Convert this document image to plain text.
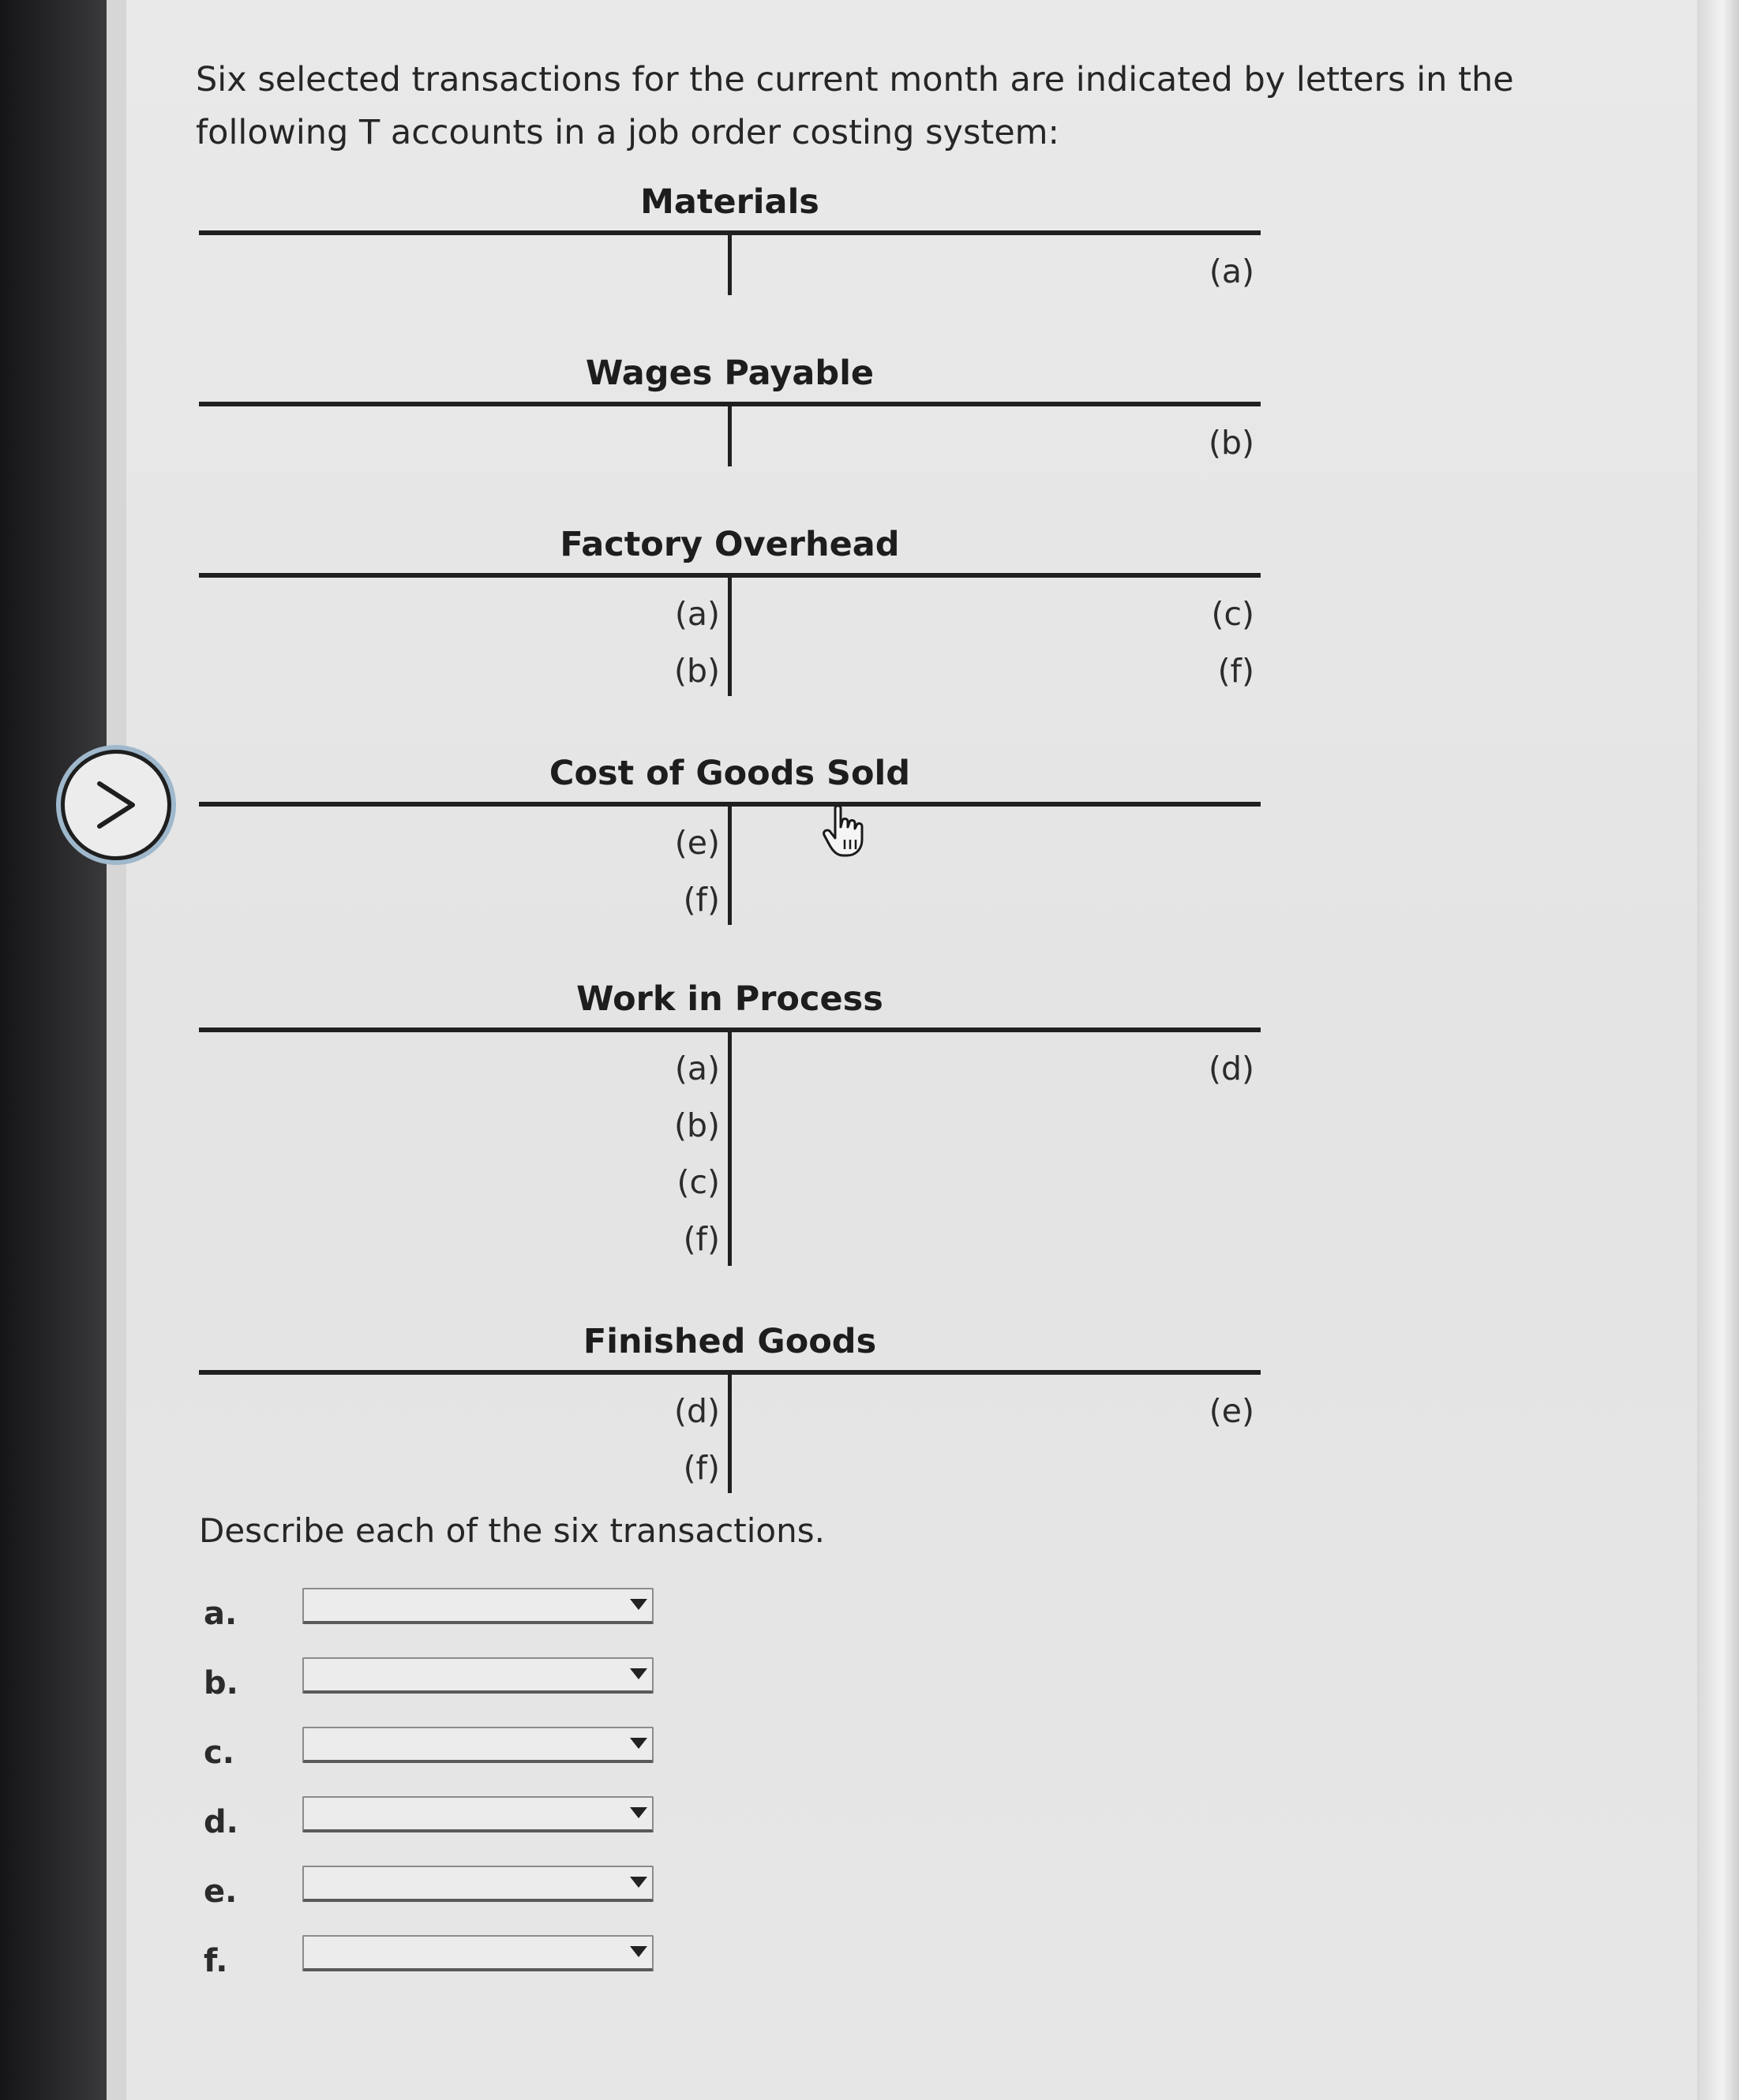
Six selected transactions for the current month are indicated by letters in the following T accounts in a job order costing system:

Materials
(a)
Wages Payable
(b)
Factory Overhead
(a)
(b)
(c)
(f)
Cost of Goods Sold
(e)
(f)
Work in Process
(a)
(b)
(c)
(f)
(d)
Finished Goods
(d)
(f)
(e)

Describe each of the six transactions.

a.
b.
c.
d.
e.
f.
